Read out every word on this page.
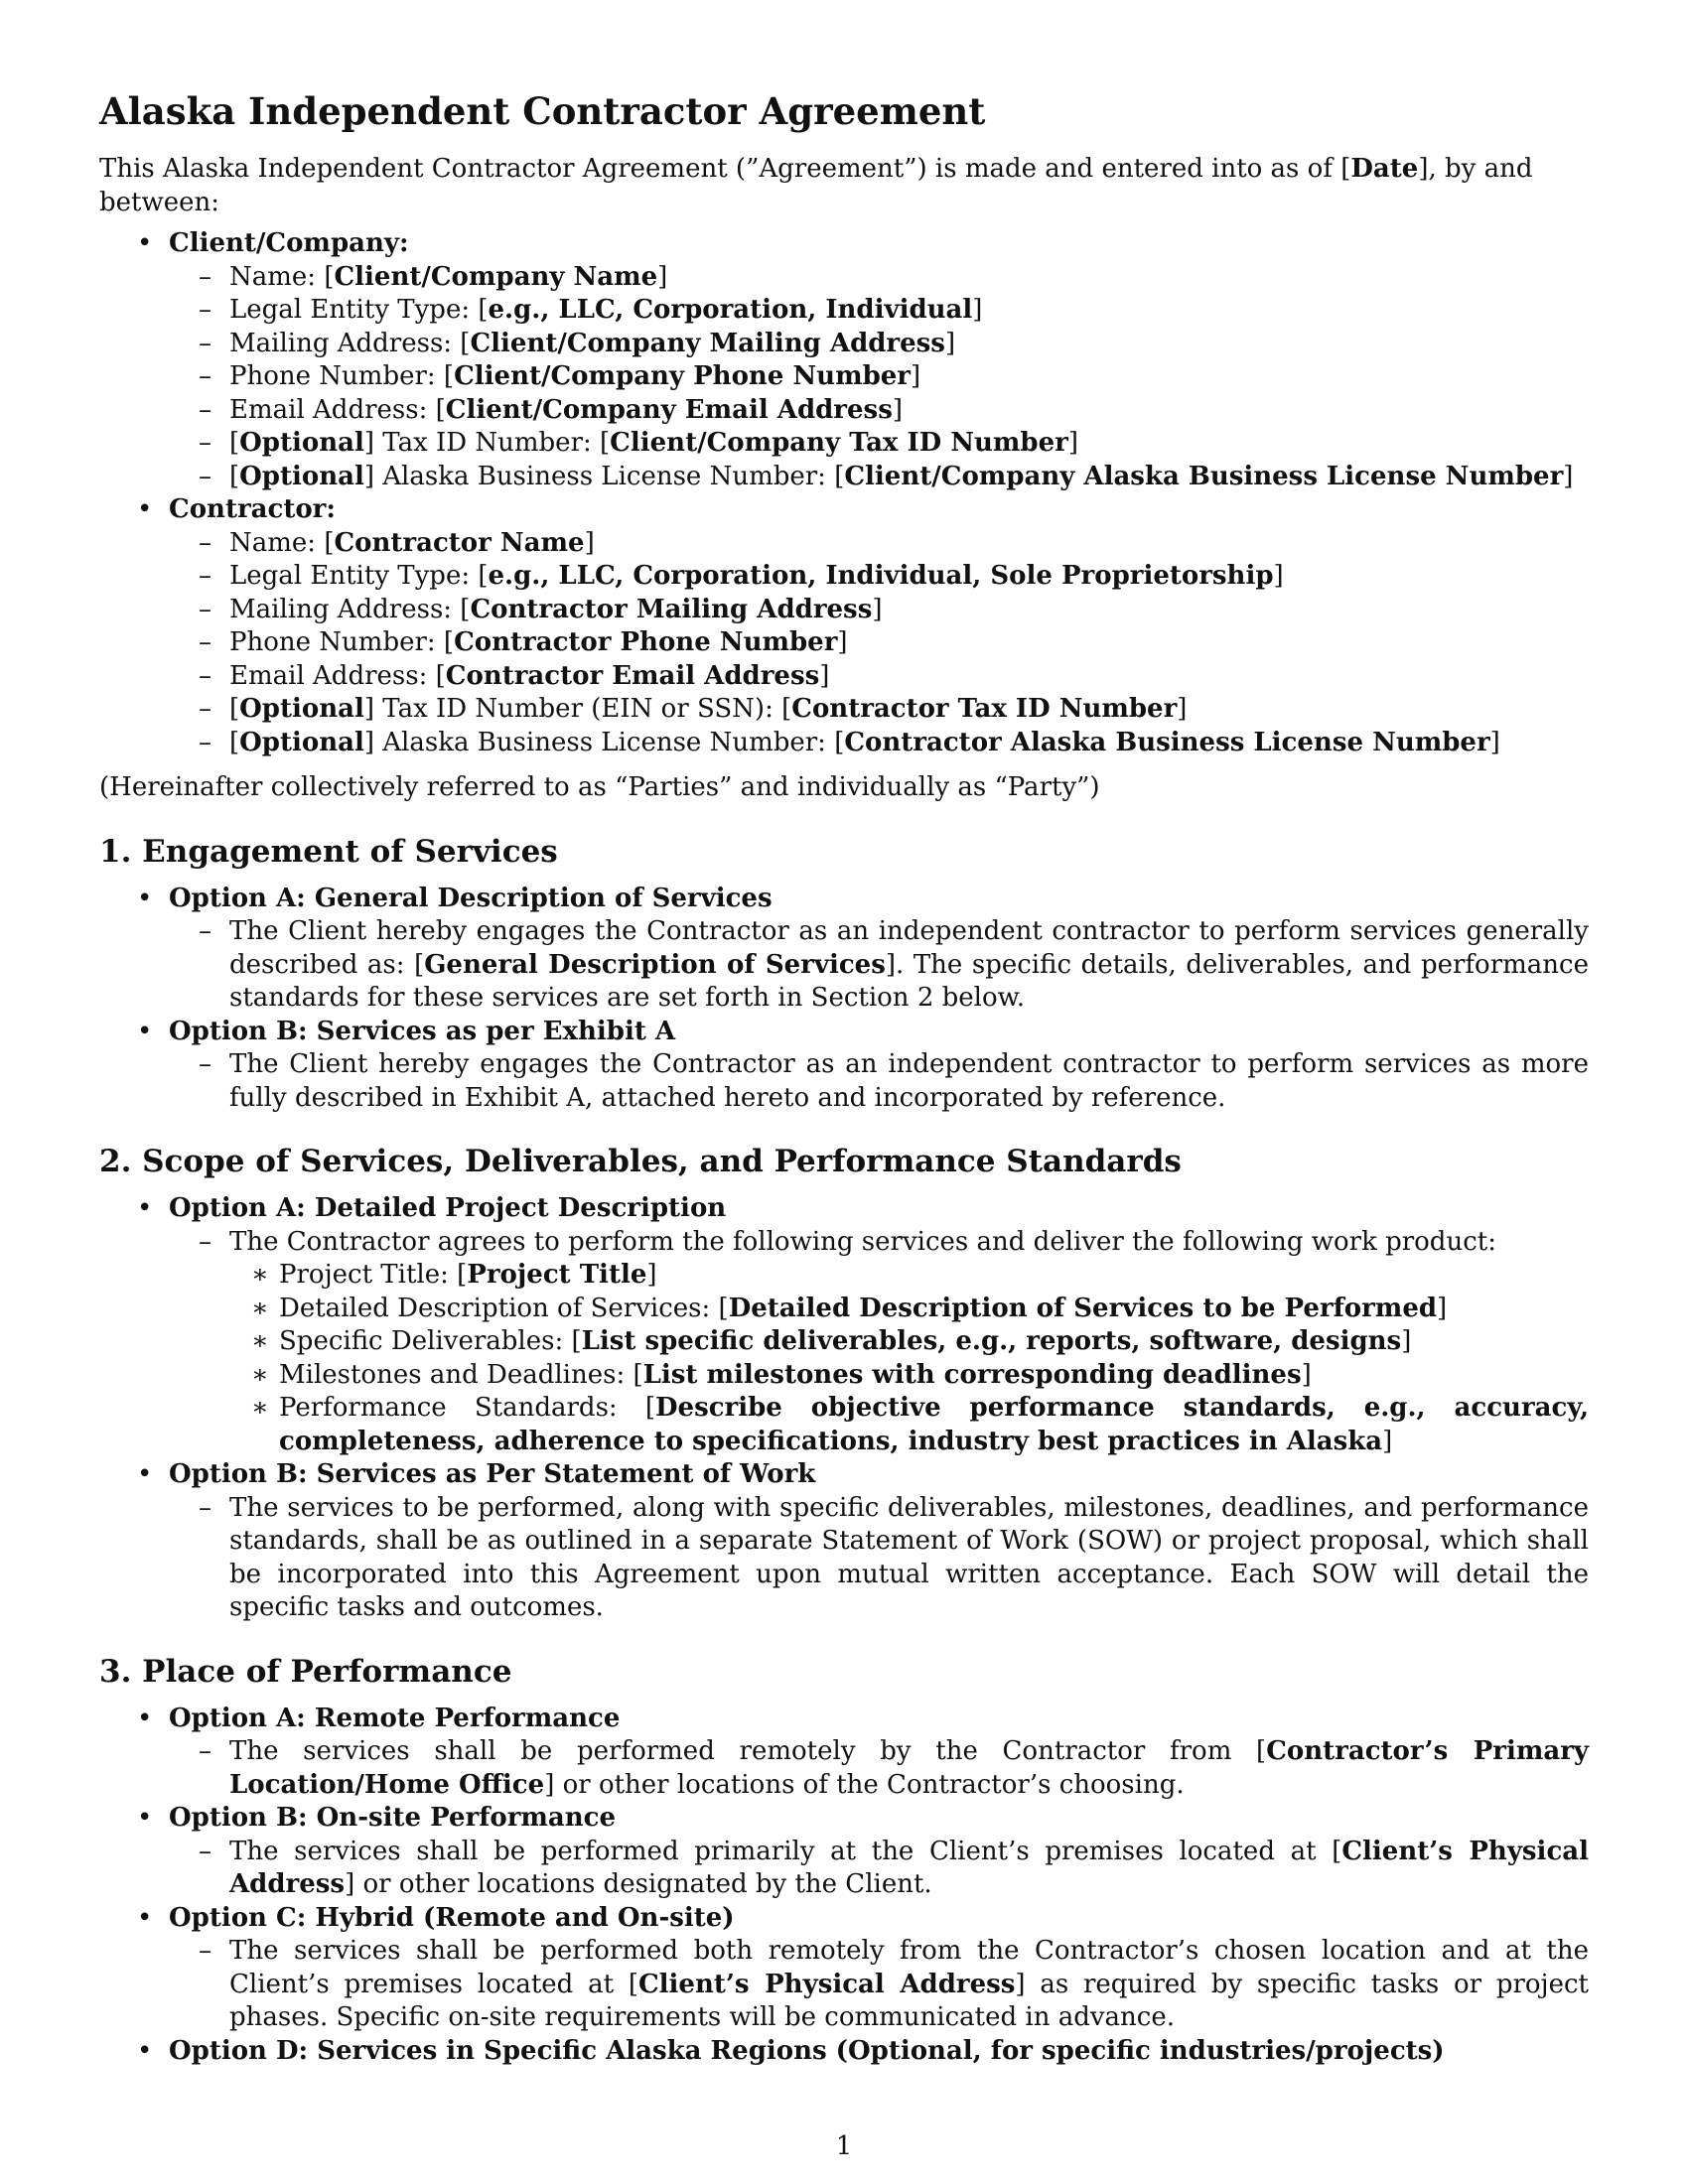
Alaska Independent Contractor Agreement

This Alaska Independent Contractor Agreement (”Agreement”) is made and entered into as of [Date], by and between:

• Client/Company:
– Name: [Client/Company Name]
– Legal Entity Type: [e.g., LLC, Corporation, Individual]
– Mailing Address: [Client/Company Mailing Address]
– Phone Number: [Client/Company Phone Number]
– Email Address: [Client/Company Email Address]
– [Optional] Tax ID Number: [Client/Company Tax ID Number]
– [Optional] Alaska Business License Number: [Client/Company Alaska Business License Number]
• Contractor:
– Name: [Contractor Name]
– Legal Entity Type: [e.g., LLC, Corporation, Individual, Sole Proprietorship]
– Mailing Address: [Contractor Mailing Address]
– Phone Number: [Contractor Phone Number]
– Email Address: [Contractor Email Address]
– [Optional] Tax ID Number (EIN or SSN): [Contractor Tax ID Number]
– [Optional] Alaska Business License Number: [Contractor Alaska Business License Number]

(Hereinafter collectively referred to as “Parties” and individually as “Party”)

1. Engagement of Services
• Option A: General Description of Services
– The Client hereby engages the Contractor as an independent contractor to perform services generally described as: [General Description of Services]. The specific details, deliverables, and performance standards for these services are set forth in Section 2 below.
• Option B: Services as per Exhibit A
– The Client hereby engages the Contractor as an independent contractor to perform services as more fully described in Exhibit A, attached hereto and incorporated by reference.
2. Scope of Services, Deliverables, and Performance Standards
• Option A: Detailed Project Description
– The Contractor agrees to perform the following services and deliver the following work product:
∗ Project Title: [Project Title]
∗ Detailed Description of Services: [Detailed Description of Services to be Performed]
∗ Specific Deliverables: [List specific deliverables, e.g., reports, software, designs]
∗ Milestones and Deadlines: [List milestones with corresponding deadlines]
∗ Performance Standards: [Describe objective performance standards, e.g., accuracy, completeness, adherence to specifications, industry best practices in Alaska]
• Option B: Services as Per Statement of Work
– The services to be performed, along with specific deliverables, milestones, deadlines, and performance standards, shall be as outlined in a separate Statement of Work (SOW) or project proposal, which shall be incorporated into this Agreement upon mutual written acceptance. Each SOW will detail the specific tasks and outcomes.
3. Place of Performance
• Option A: Remote Performance
– The services shall be performed remotely by the Contractor from [Contractor’s Primary Location/Home Office] or other locations of the Contractor’s choosing.
• Option B: On-site Performance
– The services shall be performed primarily at the Client’s premises located at [Client’s Physical Address] or other locations designated by the Client.
• Option C: Hybrid (Remote and On-site)
– The services shall be performed both remotely from the Contractor’s chosen location and at the Client’s premises located at [Client’s Physical Address] as required by specific tasks or project phases. Specific on-site requirements will be communicated in advance.
• Option D: Services in Specific Alaska Regions (Optional, for specific industries/projects)
1
